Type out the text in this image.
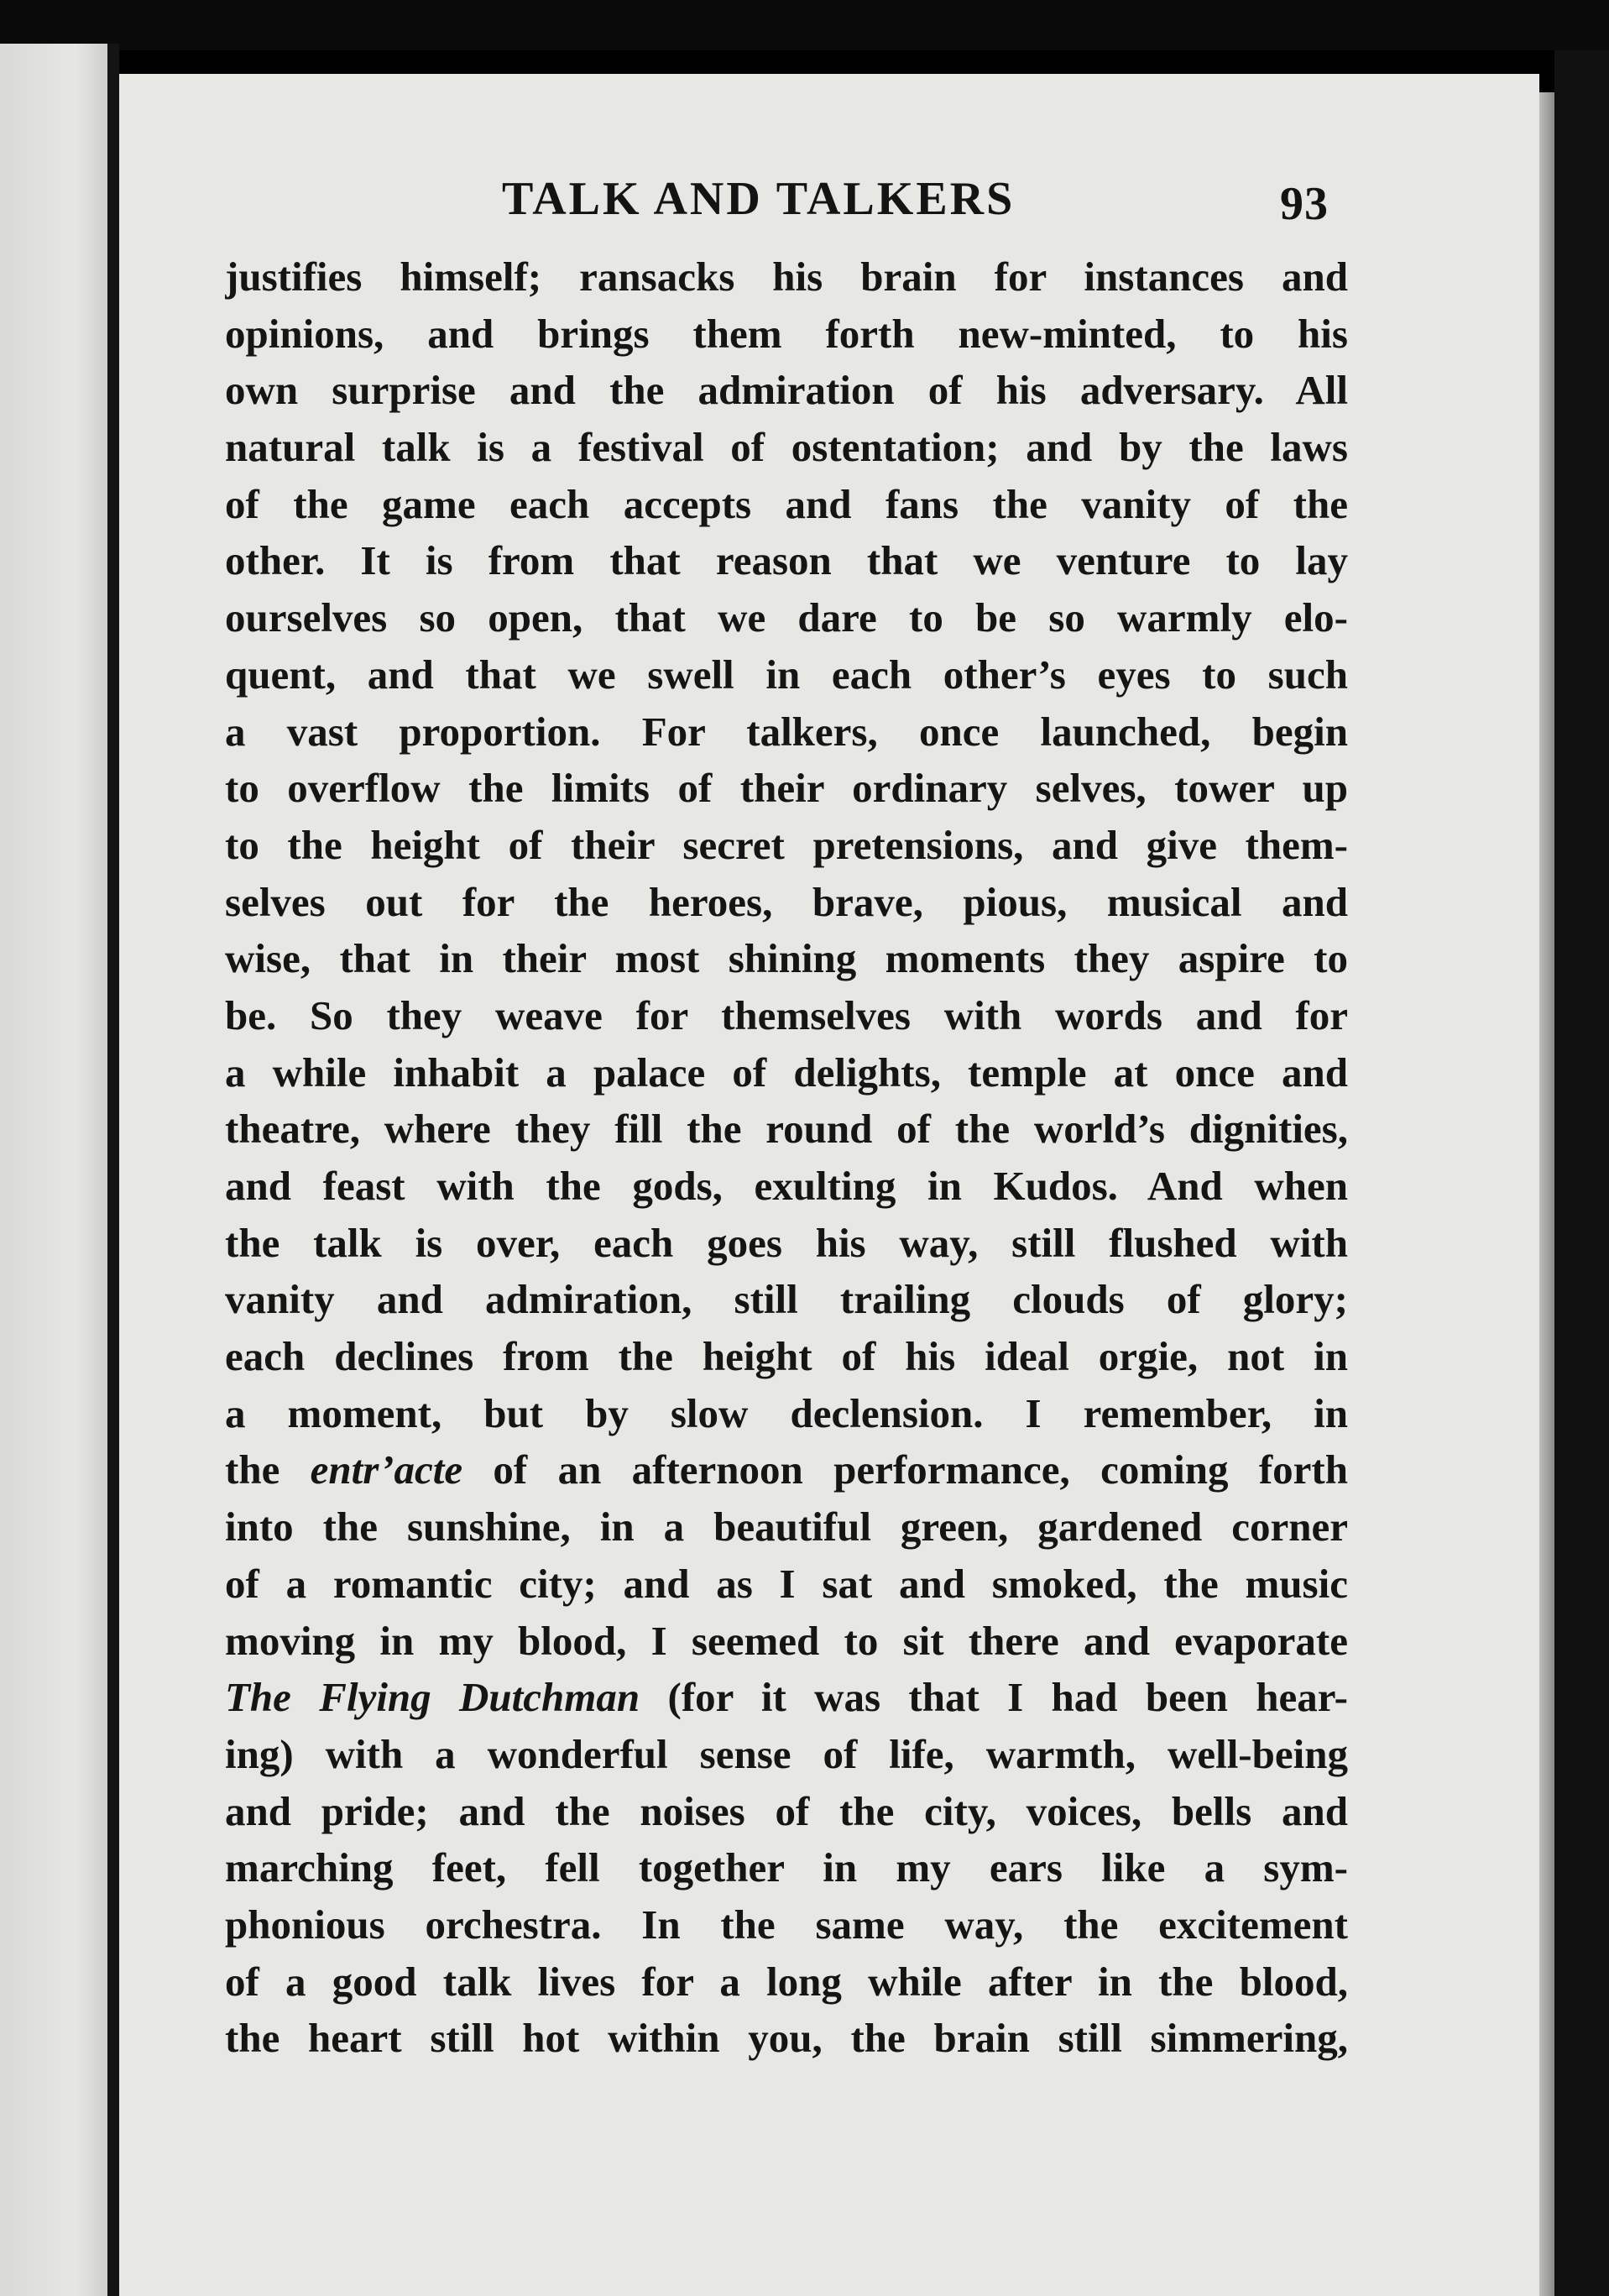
TALK AND TALKERS	93
justifies himself; ransacks his brain for instances and
opinions, and brings them forth new-minted, to his
own surprise and the admiration of his adversary. All
natural talk is a festival of ostentation; and by the laws
of the game each accepts and fans the vanity of the
other. It is from that reason that we venture to lay
ourselves so open, that we dare to be so warmly elo-
quent, and that we swell in each other’s eyes to such
a vast proportion. For talkers, once launched, begin
to overflow the limits of their ordinary selves, tower up
to the height of their secret pretensions, and give them-
selves out for the heroes, brave, pious, musical and
wise, that in their most shining moments they aspire to
be. So they weave for themselves with words and for
a while inhabit a palace of delights, temple at once and
theatre, where they fill the round of the world’s dignities,
and feast with the gods, exulting in Kudos. And when
the talk is over, each goes his way, still flushed with
vanity and admiration, still trailing clouds of glory;
each declines from the height of his ideal orgie, not in
a moment, but by slow declension. I remember, in
the entr’acte of an afternoon performance, coming forth
into the sunshine, in a beautiful green, gardened corner
of a romantic city; and as I sat and smoked, the music
moving in my blood, I seemed to sit there and evaporate
The Flying Dutchman (for it was that I had been hear-
ing) with a wonderful sense of life, warmth, well-being
and pride; and the noises of the city, voices, bells and
marching feet, fell together in my ears like a sym-
phonious orchestra. In the same way, the excitement
of a good talk lives for a long while after in the blood,
the heart still hot within you, the brain still simmering,
